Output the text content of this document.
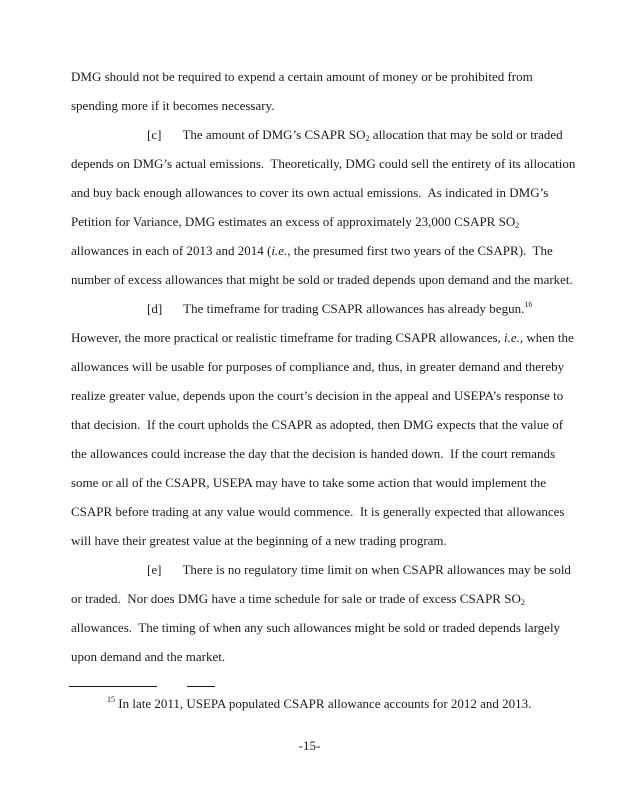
DMG should not be required to expend a certain amount of money or be prohibited from
spending more if it becomes necessary.
[c] The amount of DMG’s CSAPR $SO_2$ allocation that may be sold or traded
depends on DMG’s actual emissions.  Theoretically, DMG could sell the entirety of its allocation
and buy back enough allowances to cover its own actual emissions.  As indicated in DMG’s
Petition for Variance, DMG estimates an excess of approximately 23,000 CSAPR $SO_2$
allowances in each of 2013 and 2014 (i.e., the presumed first two years of the CSAPR).  The
number of excess allowances that might be sold or traded depends upon demand and the market.
[d] The timeframe for trading CSAPR allowances has already begun.$^{16}$
However, the more practical or realistic timeframe for trading CSAPR allowances, i.e., when the
allowances will be usable for purposes of compliance and, thus, in greater demand and thereby
realize greater value, depends upon the court’s decision in the appeal and USEPA’s response to
that decision.  If the court upholds the CSAPR as adopted, then DMG expects that the value of
the allowances could increase the day that the decision is handed down.  If the court remands
some or all of the CSAPR, USEPA may have to take some action that would implement the
CSAPR before trading at any value would commence.  It is generally expected that allowances
will have their greatest value at the beginning of a new trading program.
[e] There is no regulatory time limit on when CSAPR allowances may be sold
or traded.  Nor does DMG have a time schedule for sale or trade of excess CSAPR $SO_2$
allowances.  The timing of when any such allowances might be sold or traded depends largely
upon demand and the market.
$^{15}$ In late 2011, USEPA populated CSAPR allowance accounts for 2012 and 2013.
-15-
